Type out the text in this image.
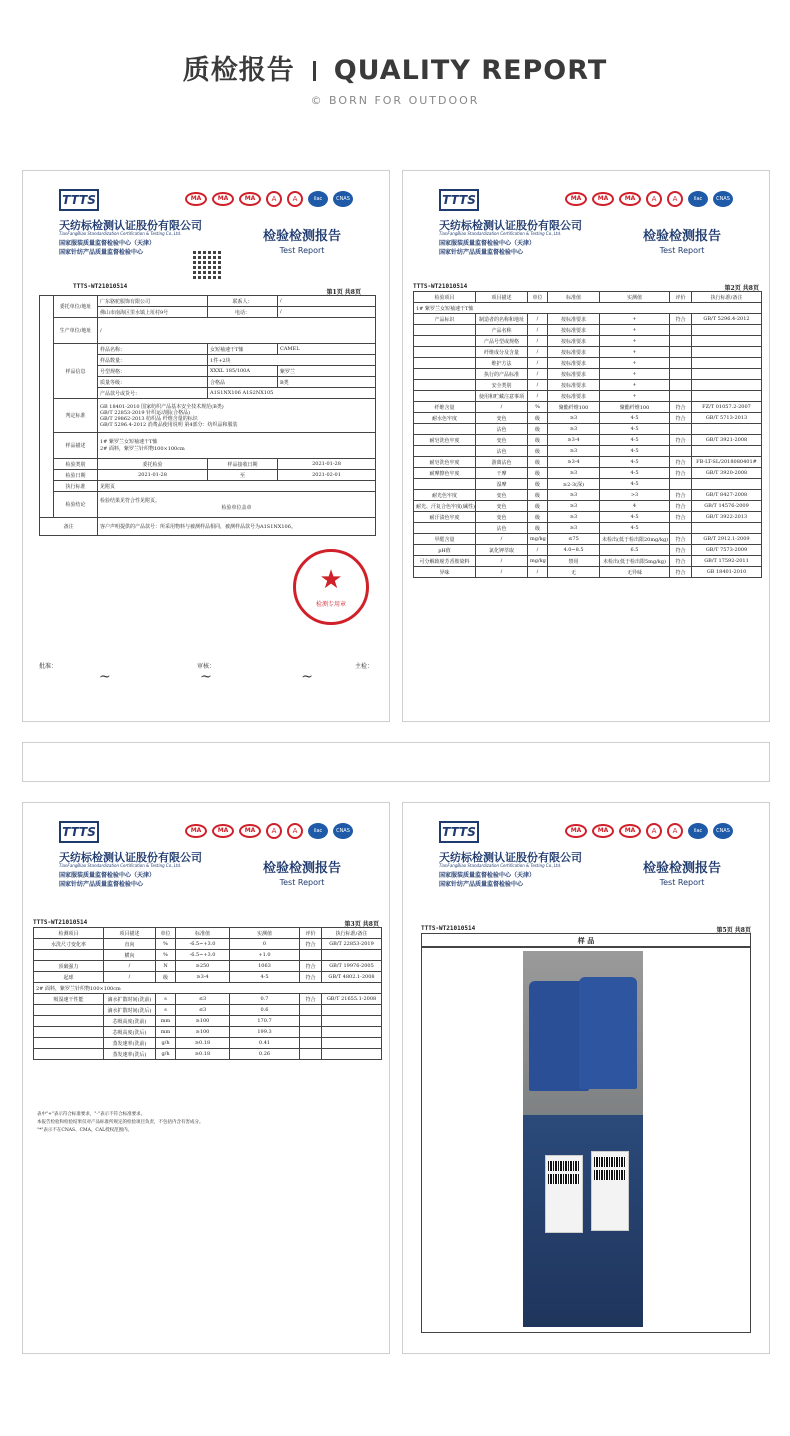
质检报告 QUALITY REPORT
© BORN FOR OUTDOOR
TTTS	MA	MA	MA	A	A	ilac	CNAS
天纺标检测认证股份有限公司
TianFangBiao Standardization Certification & Testing Co.,Ltd.
国家服装质量监督检验中心（天津）
国家针纺产品质量监督检验中心
检验检测报告
Test Report
TTTS-WT21010514
第1页 共8页
	委托单位/地址	广东骆驼服饰有限公司	联系人：	/
		佛山市南海区里水镇上坵村9号	电话：	/
	生产单位/地址	/		
	样品信息	样品名称：	女短袖速干T恤	CAMEL
		样品数量：	1件+2块	
		号型规格：	XXXL 185/100A	紫罗兰
		质量等级：	合格品	B类
		产品款号或货号：	A1S1NX106 A1S2NX105	
	判定标准	GB 18401-2010 国家纺织产品基本安全技术规范(B类)
GB/T 22853-2019 针织运动服(合格品)
GB/T 29862-2013 纺织品 纤维含量的标识
GB/T 5296.4-2012 消费品使用说明 第4部分：纺织品和服装		

	样品描述	1# 紫罗兰女短袖速干T恤
2# 面料，紫罗兰针织物100×100cm		

	检验类别	委托检验	样品接收日期	2021-01-28
	检验日期	2021-01-28	至	2021-02-01
	执行标准	见附页		
	检验结论	检验结果见符合性见附页。
检验单位盖章		

备注		客户声明提供的产品款号：所采用物料与被测样品相同，被测样品款号为A1S1NX106。		
★
检测专用章
批准：	审核：	主检：
~	~	~
TTTS	MA	MA	MA	A	A	ilac	CNAS
天纺标检测认证股份有限公司
TianFangBiao Standardization Certification & Testing Co.,Ltd.
国家服装质量监督检验中心（天津）
国家针纺产品质量监督检验中心
检验检测报告
Test Report
TTTS-WT21010514	第2页 共8页
检验项目	项目描述	单位	标准值	实测值	评价	执行标准/备注
1# 紫罗兰女短袖速干T恤						
产品标识	制造者的名称和地址	/	按标准要求	+	符合	GB/T 5296.4-2012
	产品名称	/	按标准要求	+		
	产品号型或规格	/	按标准要求	+		
	纤维成分及含量	/	按标准要求	+		
	维护方法	/	按标准要求	+		
	执行的产品标准	/	按标准要求	+		
	安全类别	/	按标准要求	+		
	使用和贮藏注意事项	/	按标准要求	+		
纤维含量	/	%	聚酯纤维100	聚酯纤维100	符合	FZ/T 01057.2-2007
耐水色牢度	变色	级	≥3	4-5	符合	GB/T 5713-2013
	沾色	级	≥3	4-5		
耐皂洗色牢度	变色	级	≥3-4	4-5	符合	GB/T 3921-2008
	沾色	级	≥3	4-5		
耐皂洗色牢度	游离沾色	级	≥3-4	4-5	符合	FB-LT-SL/2018080401#
耐摩擦色牢度	干摩	级	≥3	4-5	符合	GB/T 3920-2008
	湿摩	级	≥2-3(深)	4-5		
耐光色牢度	变色	级	≥3	>3	符合	GB/T 8427-2008
耐光、汗复合色牢度(碱性)	变色	级	≥3	4	符合	GB/T 14576-2009
耐汗渍色牢度	变色	级	≥3	4-5	符合	GB/T 3922-2013
	沾色	级	≥3	4-5		
甲醛含量	/	mg/kg	≤75	未检出(低于检出限20mg/kg)	符合	GB/T 2912.1-2009
pH值	氯化钾萃取	/	4.0~8.5	6.5	符合	GB/T 7573-2009
可分解致癌芳香胺染料	/	mg/kg	禁用	未检出(低于检出限5mg/kg)	符合	GB/T 17592-2011
异味	/	/	无	无异味	符合	GB 18401-2010
TTTS	MA	MA	MA	A	A	ilac	CNAS
天纺标检测认证股份有限公司
TianFangBiao Standardization Certification & Testing Co.,Ltd.
国家服装质量监督检验中心（天津）
国家针纺产品质量监督检验中心
检验检测报告
Test Report
TTTS-WT21010514	第3页 共8页
检测项目	项目描述	单位	标准值	实测值	评价	执行标准/备注
水洗尺寸变化率	直向	%	-6.5~+3.0	0	符合	GB/T 22853-2019
	横向	%	-6.5~+3.0	+1.0		
顶破强力	/	N	≥250	1063	符合	GB/T 19976-2005
起球	/	级	≥3-4	4-5	符合	GB/T 4802.1-2008
2# 面料，紫罗兰针织物100×100cm						
吸湿速干性能	滴水扩散时间(洗前)	s	≤3	0.7	符合	GB/T 21655.1-2008
	滴水扩散时间(洗后)	s	≤3	0.6		
	芯吸高度(洗前)	mm	≥100	170.7		
	芯吸高度(洗后)	mm	≥100	199.3		
	蒸发速率(洗前)	g/h	≥0.18	0.41		
	蒸发速率(洗后)	g/h	≥0.18	0.26		
表中"+"表示符合标准要求，"-"表示不符合标准要求。
本报告检验和检验结果仅对产品标准所规定的检验项目负责，不包括内含有害成分。
"*"表示不在CNAS、CMA、CAL授权范围内。
TTTS	MA	MA	MA	A	A	ilac	CNAS
天纺标检测认证股份有限公司
TianFangBiao Standardization Certification & Testing Co.,Ltd.
国家服装质量监督检验中心（天津）
国家针纺产品质量监督检验中心
检验检测报告
Test Report
TTTS-WT21010514	第5页 共8页
样 品
